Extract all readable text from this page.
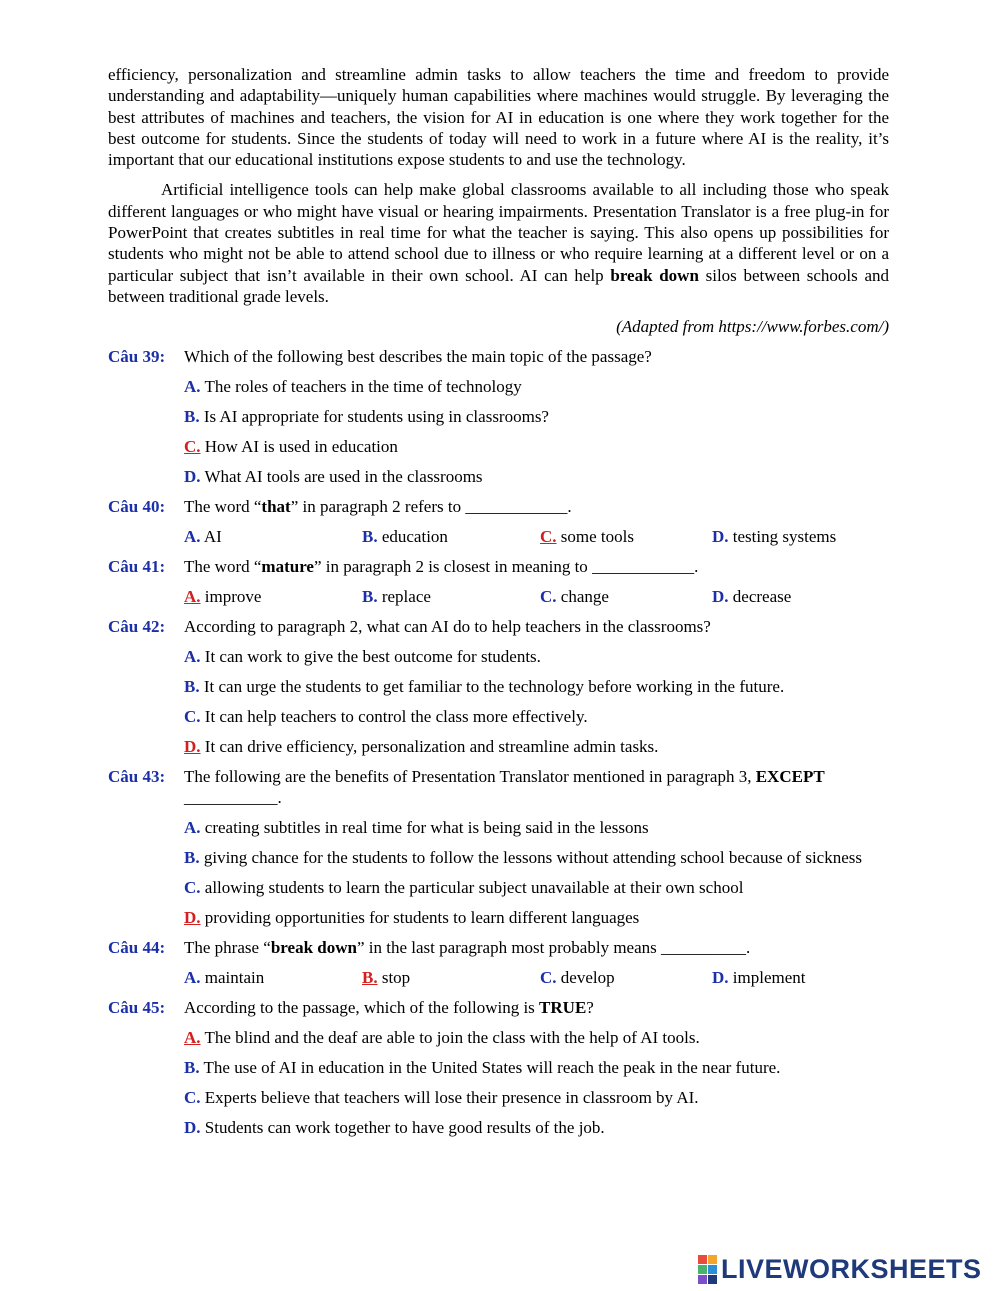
efficiency, personalization and streamline admin tasks to allow teachers the time and freedom to provide understanding and adaptability—uniquely human capabilities where machines would struggle. By leveraging the best attributes of machines and teachers, the vision for AI in education is one where they work together for the best outcome for students. Since the students of today will need to work in a future where AI is the reality, it’s important that our educational institutions expose students to and use the technology.

Artificial intelligence tools can help make global classrooms available to all including those who speak different languages or who might have visual or hearing impairments. Presentation Translator is a free plug-in for PowerPoint that creates subtitles in real time for what the teacher is saying. This also opens up possibilities for students who might not be able to attend school due to illness or who require learning at a different level or on a particular subject that isn’t available in their own school. AI can help break down silos between schools and between traditional grade levels.

(Adapted from https://www.forbes.com/)
Câu 39:	Which of the following best describes the main topic of the passage?
A. The roles of teachers in the time of technology
B. Is AI appropriate for students using in classrooms?
C. How AI is used in education
D. What AI tools are used in the classrooms
Câu 40:	The word “that” in paragraph 2 refers to ____________.
A. AI	B. education	C. some tools	D. testing systems
Câu 41:	The word “mature” in paragraph 2 is closest in meaning to ____________.
A. improve	B. replace	C. change	D. decrease
Câu 42:	According to paragraph 2, what can AI do to help teachers in the classrooms?
A. It can work to give the best outcome for students.
B. It can urge the students to get familiar to the technology before working in the future.
C. It can help teachers to control the class more effectively.
D. It can drive efficiency, personalization and streamline admin tasks.
Câu 43:	The following are the benefits of Presentation Translator mentioned in paragraph 3, EXCEPT
___________.
A. creating subtitles in real time for what is being said in the lessons
B. giving chance for the students to follow the lessons without attending school because of sickness
C. allowing students to learn the particular subject unavailable at their own school
D. providing opportunities for students to learn different languages
Câu 44:	The phrase “break down” in the last paragraph most probably means __________.
A. maintain	B. stop	C. develop	D. implement
Câu 45:	According to the passage, which of the following is TRUE?
A. The blind and the deaf are able to join the class with the help of AI tools.
B. The use of AI in education in the United States will reach the peak in the near future.
C. Experts believe that teachers will lose their presence in classroom by AI.
D. Students can work together to have good results of the job.
LIVEWORKSHEETS
